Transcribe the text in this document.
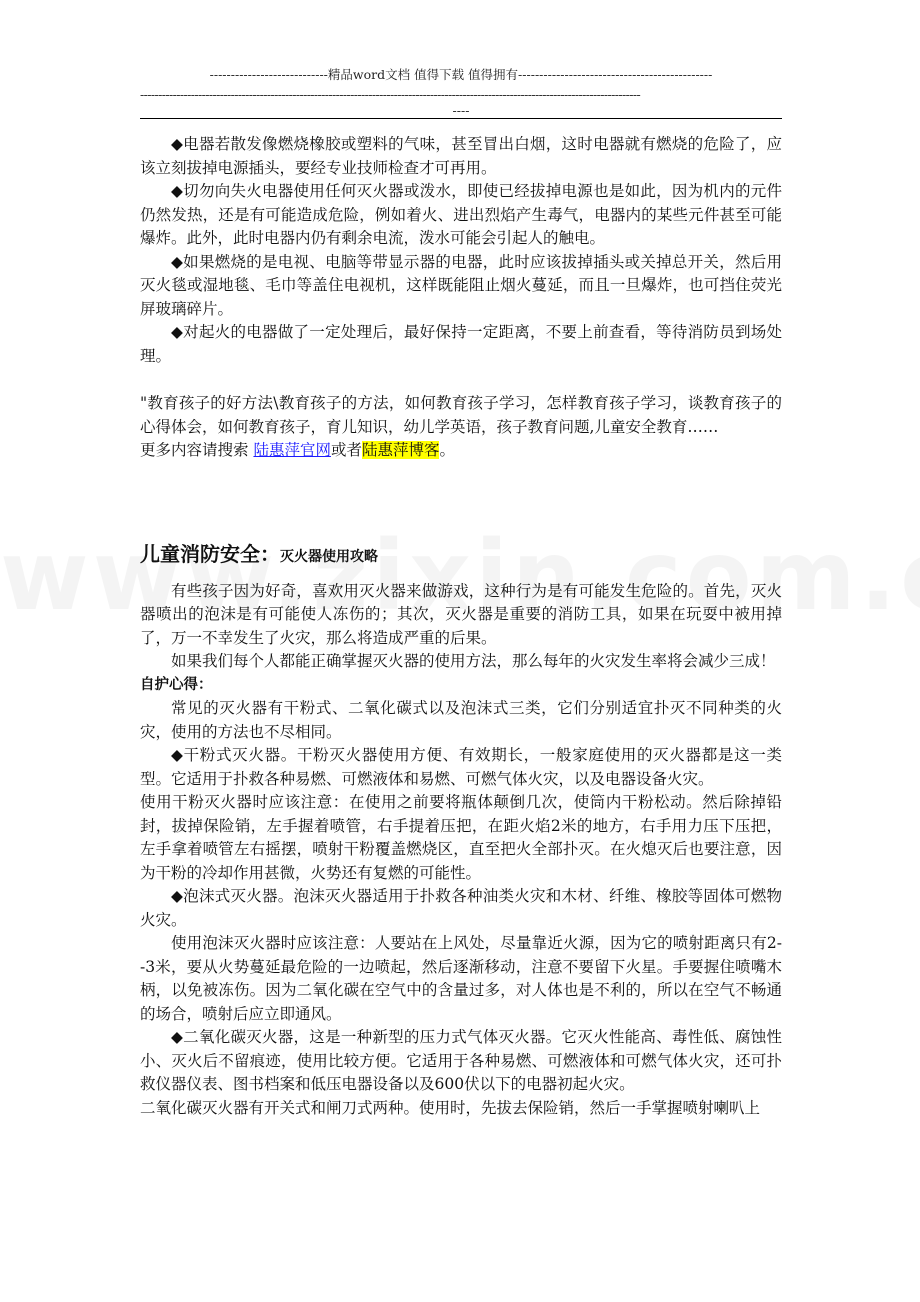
----------------------------精品word文档 值得下载 值得拥有----------------------------------------------
------------------------------------------------------------------------------------------------------------------------------------------
----

◆电器若散发像燃烧橡胶或塑料的气味，甚至冒出白烟，这时电器就有燃烧的危险了，应该立刻拔掉电源插头，要经专业技师检查才可再用。

◆切勿向失火电器使用任何灭火器或泼水，即使已经拔掉电源也是如此，因为机内的元件仍然发热，还是有可能造成危险，例如着火、进出烈焰产生毒气，电器内的某些元件甚至可能爆炸。此外，此时电器内仍有剩余电流，泼水可能会引起人的触电。

◆如果燃烧的是电视、电脑等带显示器的电器，此时应该拔掉插头或关掉总开关，然后用灭火毯或湿地毯、毛巾等盖住电视机，这样既能阻止烟火蔓延，而且一旦爆炸，也可挡住荧光屏玻璃碎片。

◆对起火的电器做了一定处理后，最好保持一定距离，不要上前查看，等待消防员到场处理。

"教育孩子的好方法\教育孩子的方法，如何教育孩子学习，怎样教育孩子学习，谈教育孩子的心得体会，如何教育孩子，育儿知识，幼儿学英语，孩子教育问题,儿童安全教育……

更多内容请搜索 陆惠萍官网或者陆惠萍博客。

儿童消防安全：灭火器使用攻略

有些孩子因为好奇，喜欢用灭火器来做游戏，这种行为是有可能发生危险的。首先，灭火器喷出的泡沫是有可能使人冻伤的；其次，灭火器是重要的消防工具，如果在玩耍中被用掉了，万一不幸发生了火灾，那么将造成严重的后果。

如果我们每个人都能正确掌握灭火器的使用方法，那么每年的火灾发生率将会减少三成！

自护心得：

常见的灭火器有干粉式、二氧化碳式以及泡沫式三类，它们分别适宜扑灭不同种类的火灾，使用的方法也不尽相同。

◆干粉式灭火器。干粉灭火器使用方便、有效期长，一般家庭使用的灭火器都是这一类型。它适用于扑救各种易燃、可燃液体和易燃、可燃气体火灾，以及电器设备火灾。

使用干粉灭火器时应该注意：在使用之前要将瓶体颠倒几次，使筒内干粉松动。然后除掉铅封，拔掉保险销，左手握着喷管，右手提着压把，在距火焰2米的地方，右手用力压下压把，左手拿着喷管左右摇摆，喷射干粉覆盖燃烧区，直至把火全部扑灭。在火熄灭后也要注意，因为干粉的冷却作用甚微，火势还有复燃的可能性。

◆泡沫式灭火器。泡沫灭火器适用于扑救各种油类火灾和木材、纤维、橡胶等固体可燃物火灾。

使用泡沫灭火器时应该注意：人要站在上风处，尽量靠近火源，因为它的喷射距离只有2--3米，要从火势蔓延最危险的一边喷起，然后逐渐移动，注意不要留下火星。手要握住喷嘴木柄，以免被冻伤。因为二氧化碳在空气中的含量过多，对人体也是不利的，所以在空气不畅通的场合，喷射后应立即通风。

◆二氧化碳灭火器，这是一种新型的压力式气体灭火器。它灭火性能高、毒性低、腐蚀性小、灭火后不留痕迹，使用比较方便。它适用于各种易燃、可燃液体和可燃气体火灾，还可扑救仪器仪表、图书档案和低压电器设备以及600伏以下的电器初起火灾。

二氧化碳灭火器有开关式和闸刀式两种。使用时，先拔去保险销，然后一手掌握喷射喇叭上
